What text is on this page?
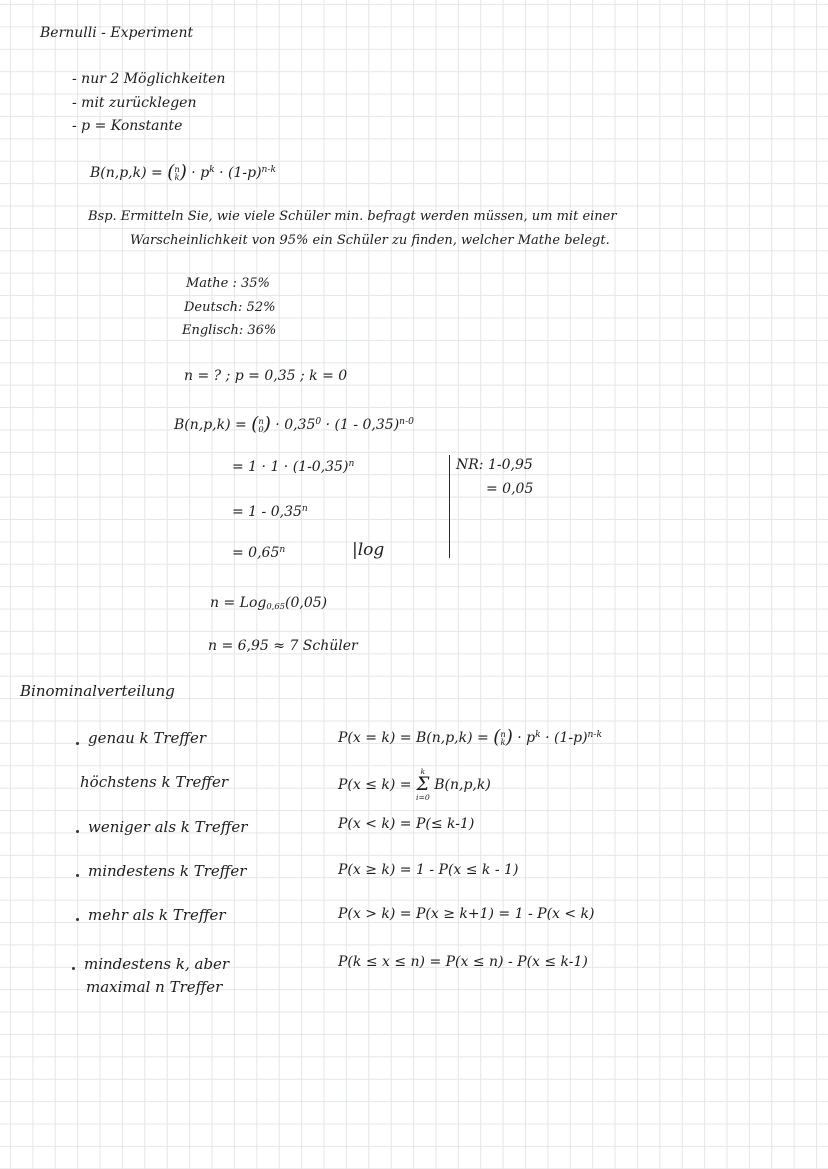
Bernulli - Experiment
- nur 2 Möglichkeiten
- mit zurücklegen
- p = Konstante
B(n,p,k) = ( n
k ) · $p^k \cdot (1-p)^{n-k}$
Bsp. Ermitteln Sie, wie viele Schüler min. befragt werden müssen, um mit einer
Warscheinlichkeit von 95% ein Schüler zu finden, welcher Mathe belegt.
Mathe : 35%
Deutsch: 52%
Englisch: 36%
n = ? ; p = 0,35 ; k = 0
B(n,p,k) = ( n
0 ) · $0,35^0 \cdot (1 - 0,35)^{n-0}$
= $1 \cdot 1 \cdot (1-0,35)^n$
= $1 - 0,35^n$
= $0,65^n$	|log
n = Log$_{0,65}$(0,05)
n = 6,95 ≈ 7 Schüler
NR: 1-0,95
= 0,05
Binominalverteilung
genau k Treffer	P(x = k) = B(n,p,k) = ( n
k ) · $p^k \cdot (1-p)^{n-k}$
höchstens k Treffer	P(x ≤ k) =
k
Σ
i=0
B(n,p,k)
weniger als k Treffer	P(x < k) = P(≤ k-1)
mindestens k Treffer	P(x ≥ k) = 1 - P(x ≤ k - 1)
mehr als k Treffer	P(x > k) = P(x ≥ k+1) = 1 - P(x < k)
mindestens k, aber
maximal n Treffer
P(k ≤ x ≤ n) = P(x ≤ n) - P(x ≤ k-1)
